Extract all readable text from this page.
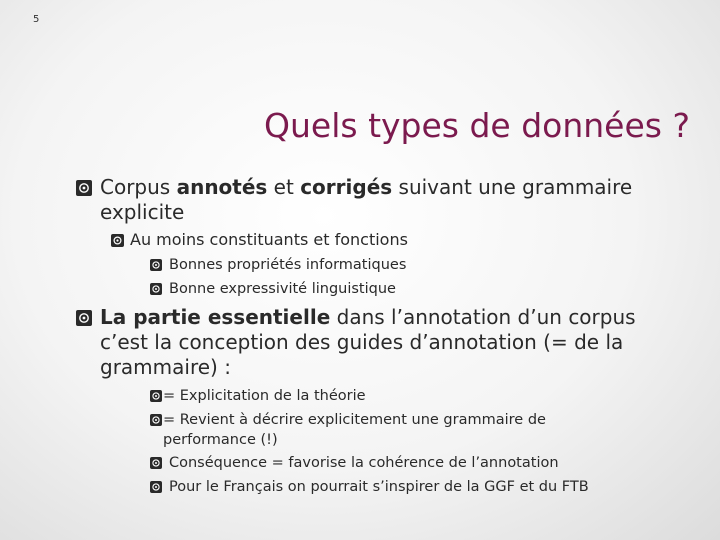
5
Quels types de données ?
Corpus annotés et corrigés suivant une grammaire explicite
Au moins constituants et fonctions
Bonnes propriétés informatiques
Bonne expressivité linguistique
La partie essentielle dans l’annotation d’un corpus c’est la conception des guides d’annotation (= de la grammaire) :
= Explicitation de la théorie
= Revient à décrire explicitement une grammaire de performance (!)
Conséquence = favorise la cohérence de l’annotation
Pour le Français on pourrait s’inspirer de la GGF et du FTB
